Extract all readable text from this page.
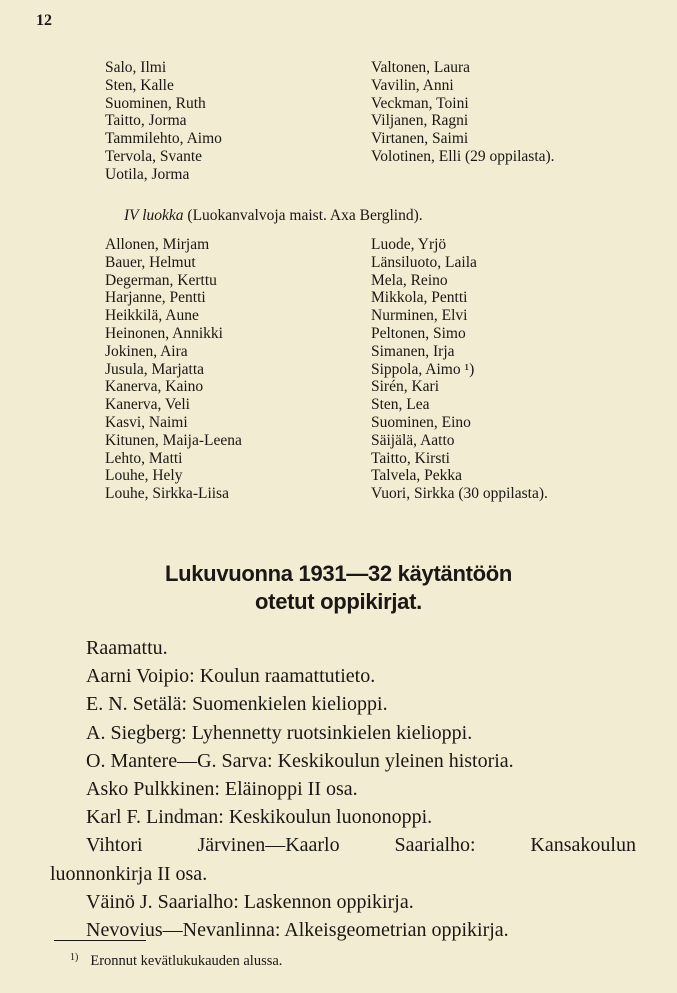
12
Salo, Ilmi
Sten, Kalle
Suominen, Ruth
Taitto, Jorma
Tammilehto, Aimo
Tervola, Svante
Uotila, Jorma
Valtonen, Laura
Vavilin, Anni
Veckman, Toini
Viljanen, Ragni
Virtanen, Saimi
Volotinen, Elli (29 oppilasta).
IV luokka (Luokanvalvoja maist. Axa Berglind).
Allonen, Mirjam
Bauer, Helmut
Degerman, Kerttu
Harjanne, Pentti
Heikkilä, Aune
Heinonen, Annikki
Jokinen, Aira
Jusula, Marjatta
Kanerva, Kaino
Kanerva, Veli
Kasvi, Naimi
Kitunen, Maija-Leena
Lehto, Matti
Louhe, Hely
Louhe, Sirkka-Liisa
Luode, Yrjö
Länsiluoto, Laila
Mela, Reino
Mikkola, Pentti
Nurminen, Elvi
Peltonen, Simo
Simanen, Irja
Sippola, Aimo ¹)
Sirén, Kari
Sten, Lea
Suominen, Eino
Säijälä, Aatto
Taitto, Kirsti
Talvela, Pekka
Vuori, Sirkka (30 oppilasta).
Lukuvuonna 1931—32 käytäntöön
otetut oppikirjat.
Raamattu.
Aarni Voipio: Koulun raamattutieto.
E. N. Setälä: Suomenkielen kielioppi.
A. Siegberg: Lyhennetty ruotsinkielen kielioppi.
O. Mantere—G. Sarva: Keskikoulun yleinen historia.
Asko Pulkkinen: Eläinoppi II osa.
Karl F. Lindman: Keskikoulun luononoppi.
Vihtori	Järvinen—Kaarlo	Saarialho:	Kansakoulun
luonnonkirja II osa.
Väinö J. Saarialho: Laskennon oppikirja.
Nevovius—Nevanlinna: Alkeisgeometrian oppikirja.
$^{1)}$ Eronnut kevätlukukauden alussa.
